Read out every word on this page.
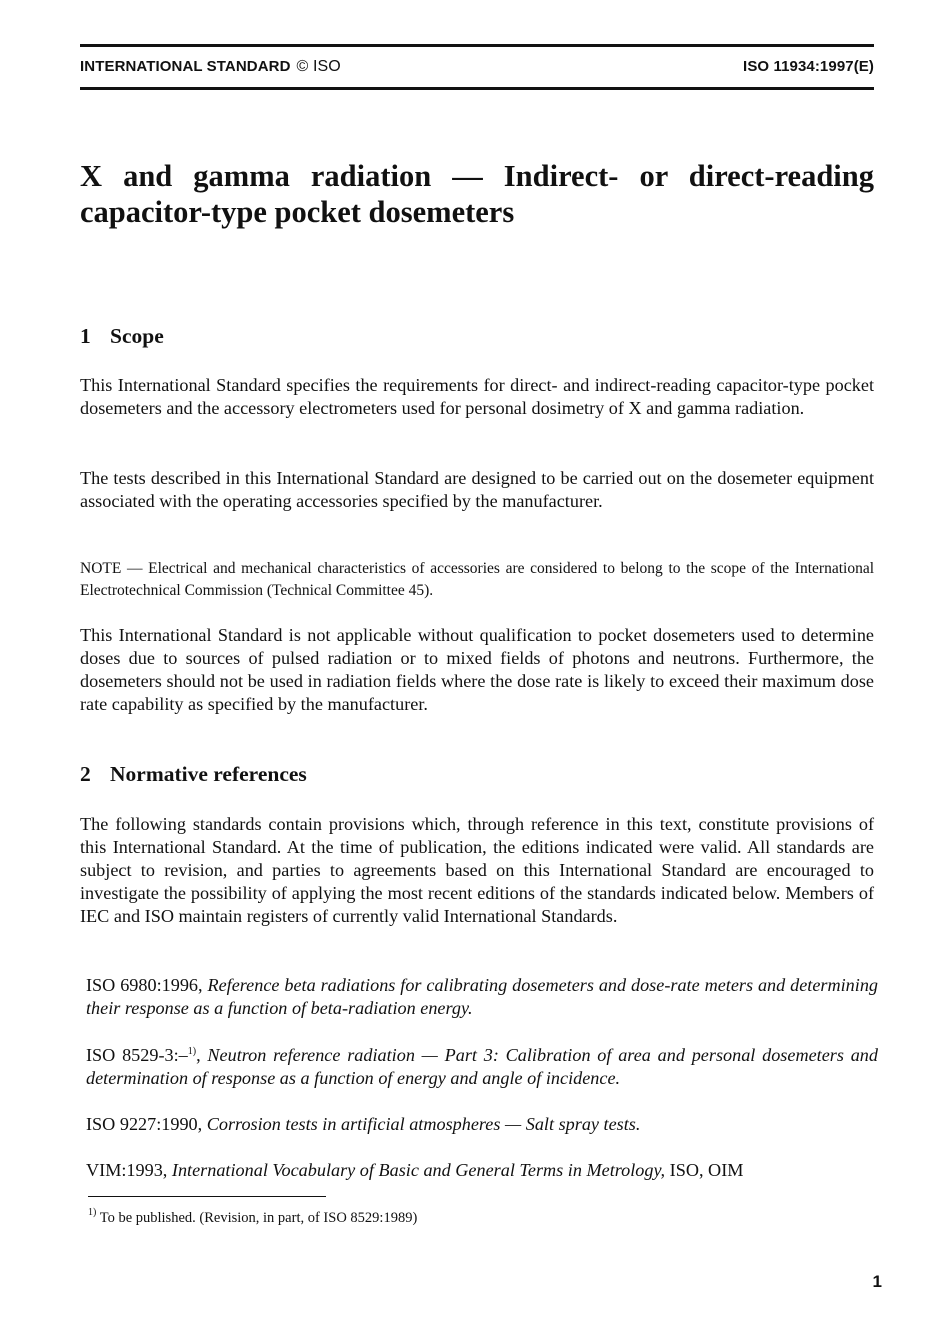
INTERNATIONAL STANDARD © ISO	ISO 11934:1997(E)
X and gamma radiation — Indirect- or direct-reading capacitor-type pocket dosemeters
1 Scope

This International Standard specifies the requirements for direct- and indirect-reading capacitor-type pocket dosemeters and the accessory electrometers used for personal dosimetry of X and gamma radiation.

The tests described in this International Standard are designed to be carried out on the dosemeter equipment associated with the operating accessories specified by the manufacturer.

NOTE — Electrical and mechanical characteristics of accessories are considered to belong to the scope of the International Electrotechnical Commission (Technical Committee 45).

This International Standard is not applicable without qualification to pocket dosemeters used to determine doses due to sources of pulsed radiation or to mixed fields of photons and neutrons. Furthermore, the dosemeters should not be used in radiation fields where the dose rate is likely to exceed their maximum dose rate capability as specified by the manufacturer.

2 Normative references

The following standards contain provisions which, through reference in this text, constitute provisions of this International Standard. At the time of publication, the editions indicated were valid. All standards are subject to revision, and parties to agreements based on this International Standard are encouraged to investigate the possibility of applying the most recent editions of the standards indicated below. Members of IEC and ISO maintain registers of currently valid International Standards.

ISO 6980:1996, Reference beta radiations for calibrating dosemeters and dose-rate meters and determining their response as a function of beta-radiation energy.

ISO 8529-3:–$^{1)}$, Neutron reference radiation — Part 3: Calibration of area and personal dosemeters and determination of response as a function of energy and angle of incidence.

ISO 9227:1990, Corrosion tests in artificial atmospheres — Salt spray tests.

VIM:1993, International Vocabulary of Basic and General Terms in Metrology, ISO, OIM

$^{1)}$ To be published. (Revision, in part, of ISO 8529:1989)

1
